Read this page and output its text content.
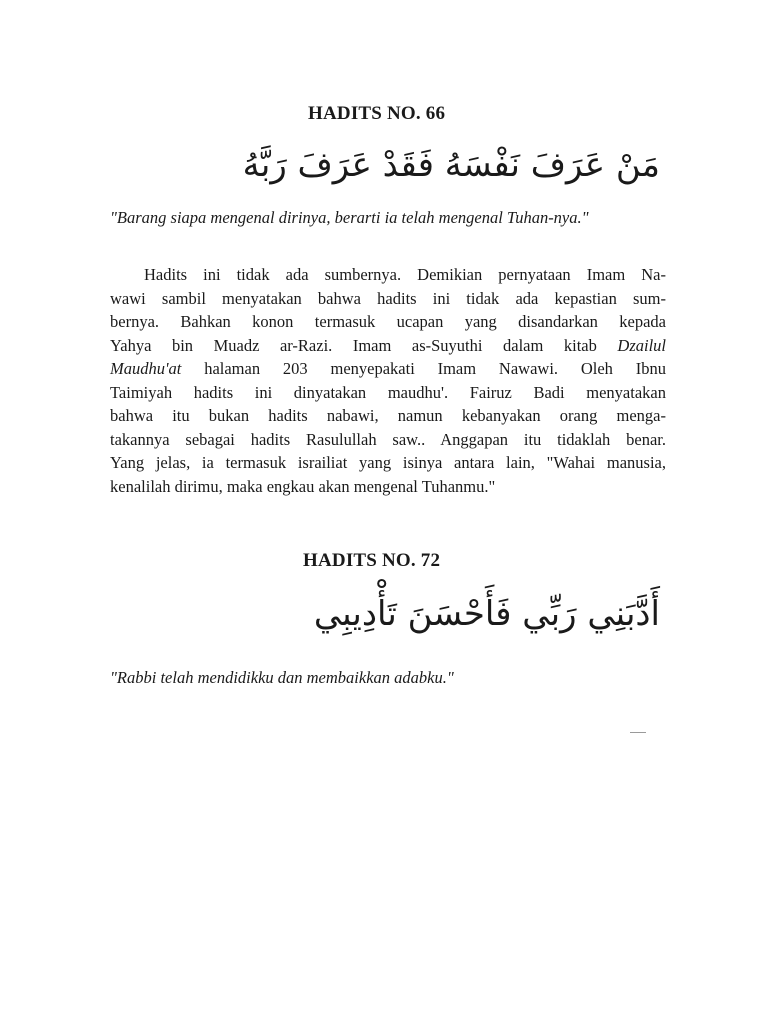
HADITS NO. 66
مَنْ عَرَفَ نَفْسَهُ فَقَدْ عَرَفَ رَبَّهُ

"Barang siapa mengenal dirinya, berarti ia telah mengenal Tuhan-nya."

Hadits ini tidak ada sumbernya. Demikian pernyataan Imam Na-
wawi sambil menyatakan bahwa hadits ini tidak ada kepastian sum-
bernya. Bahkan konon termasuk ucapan yang disandarkan kepada
Yahya bin Muadz ar-Razi. Imam as-Suyuthi dalam kitab Dzailul
Maudhu'at halaman 203 menyepakati Imam Nawawi. Oleh Ibnu
Taimiyah hadits ini dinyatakan maudhu'. Fairuz Badi menyatakan
bahwa itu bukan hadits nabawi, namun kebanyakan orang menga-
takannya sebagai hadits Rasulullah saw.. Anggapan itu tidaklah benar.
Yang jelas, ia termasuk israiliat yang isinya antara lain, "Wahai manusia,
kenalilah dirimu, maka engkau akan mengenal Tuhanmu."

HADITS NO. 72
أَدَّبَنِي رَبِّي فَأَحْسَنَ تَأْدِيبِي

"Rabbi telah mendidikku dan membaikkan adabku."
